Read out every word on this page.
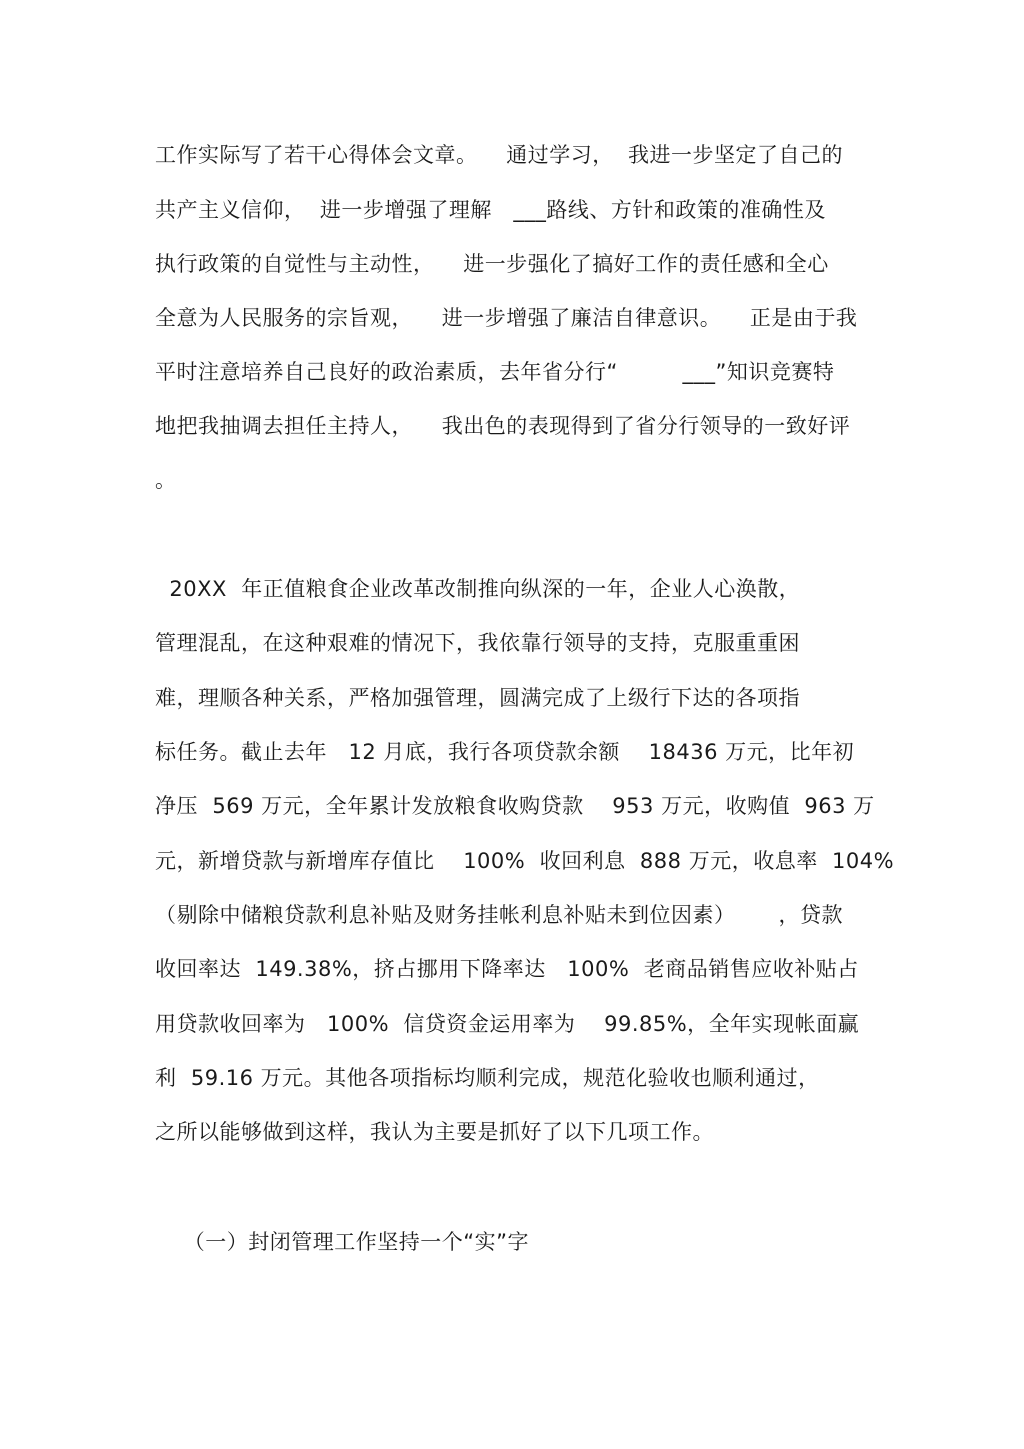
工作实际写了若干心得体会文章。    通过学习，  我进一步坚定了自己的
共产主义信仰，  进一步增强了理解   ___路线、方针和政策的准确性及
执行政策的自觉性与主动性，    进一步强化了搞好工作的责任感和全心
全意为人民服务的宗旨观，    进一步增强了廉洁自律意识。    正是由于我
平时注意培养自己良好的政治素质，去年省分行“         ___”知识竞赛特
地把我抽调去担任主持人，    我出色的表现得到了省分行领导的一致好评
。
20XX  年正值粮食企业改革改制推向纵深的一年，企业人心涣散，
管理混乱，在这种艰难的情况下，我依靠行领导的支持，克服重重困
难，理顺各种关系，严格加强管理，圆满完成了上级行下达的各项指
标任务。截止去年   12 月底，我行各项贷款余额    18436 万元，比年初
净压  569 万元，全年累计发放粮食收购贷款    953 万元，收购值  963 万
元，新增贷款与新增库存值比    100%  收回利息  888 万元，收息率  104%
（剔除中储粮贷款利息补贴及财务挂帐利息补贴未到位因素）      ，贷款
收回率达  149.38%，挤占挪用下降率达   100%  老商品销售应收补贴占
用贷款收回率为   100%  信贷资金运用率为    99.85%，全年实现帐面赢
利  59.16 万元。其他各项指标均顺利完成，规范化验收也顺利通过，
之所以能够做到这样，我认为主要是抓好了以下几项工作。
（一）封闭管理工作坚持一个“实”字
